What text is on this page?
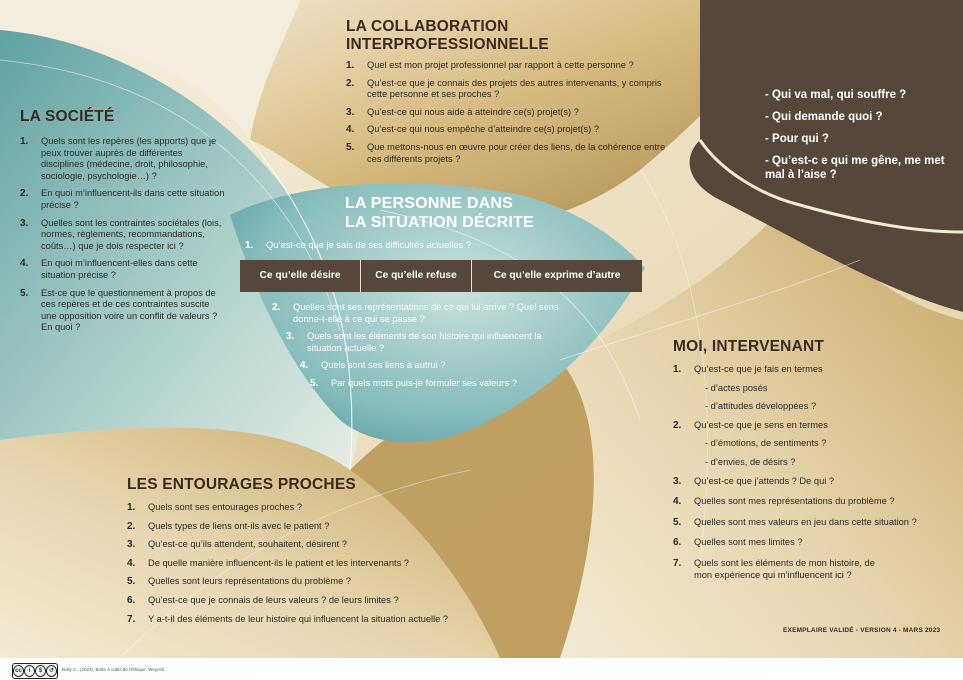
LA COLLABORATION INTERPROFESSIONNELLE
1. Quel est mon projet professionnel par rapport à cette personne ?
2. Qu’est-ce que je connais des projets des autres intervenants, y compris cette personne et ses proches ?
3. Qu’est-ce qui nous aide à atteindre ce(s) projet(s) ?
4. Qu’est-ce qui nous empêche d’atteindre ce(s) projet(s) ?
5. Que mettons-nous en œuvre pour créer des liens, de la cohérence entre ces différents projets ?
LA SOCIÉTÉ
1. Quels sont les repères (les apports) que je peux trouver auprès de différentes disciplines (médecine, droit, philosophie, sociologie, psychologie…) ?
2. En quoi m’influencent-ils dans cette situation précise ?
3. Quelles sont les contraintes sociétales (lois, normes, règlements, recommandations, coûts…) que je dois respecter ici ?
4. En quoi m’influencent-elles dans cette situation précise ?
5. Est-ce que le questionnement à propos de ces repères et de ces contraintes suscite une opposition voire un conflit de valeurs ? En quoi ?
LA PERSONNE DANS
LA SITUATION DÉCRITE
1. Qu’est-ce que je sais de ses difficultés actuelles ?
Ce qu’elle désire	Ce qu’elle refuse	Ce qu’elle exprime d’autre
2. Quelles sont ses représentations de ce qui lui arrive ? Quel sens donne-t-elle à ce qui se passe ?
3. Quels sont les éléments de son histoire qui influencent la situation actuelle ?
4. Quels sont ses liens à autrui ?
5. Par quels mots puis-je formuler ses valeurs ?
- Qui va mal, qui souffre ?
- Qui demande quoi ?
- Pour qui ?
- Qu’est-c e qui me gêne, me met mal à l’aise ?
MOI, INTERVENANT
1. Qu’est-ce que je fais en termes
- d’actes posés
- d’attitudes développées ?
2. Qu’est-ce que je sens en termes
- d’émotions, de sentiments ?
- d’envies, de désirs ?
3. Qu’est-ce que j’attends ? De qui ?
4. Quelles sont mes représentations du problème ?
5. Quelles sont mes valeurs en jeu dans cette situation ?
6. Quelles sont mes limites ?
7. Quels sont les éléments de mon histoire, de mon expérience qui m’influencent ici ?
LES ENTOURAGES PROCHES
1. Quels sont ses entourages proches ?
2. Quels types de liens ont-ils avec le patient ?
3. Qu’est-ce qu’ils attendent, souhaitent, désirent ?
4. De quelle manière influencent-ils le patient et les intervenants ?
5. Quelles sont leurs représentations du problème ?
6. Qu’est-ce que je connais de leurs valeurs ? de leurs limites ?
7. Y a-t-il des éléments de leur histoire qui influencent la situation actuelle ?
EXEMPLAIRE VALIDÉ - VERSION 4 - MARS 2023
cc	i	$	↺	Bolly C., (2023), Boîte à outils de l'éthique. Weyrich.
